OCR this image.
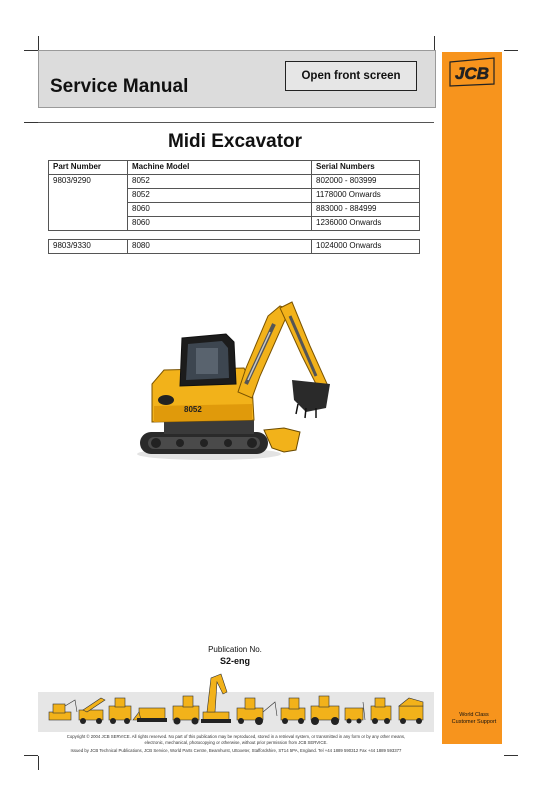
Service Manual	Open front screen	JCB
Midi Excavator
Part Number	Machine Model	Serial Numbers
9803/9290	8052	802000 - 803999
	8052	1178000 Onwards
	8060	883000 - 884999
	8060	1236000 Onwards
9803/9330	8080	1024000 Onwards
8052
Publication No.
S2-eng
Copyright © 2004 JCB SERVICE. All rights reserved. No part of this publication may be reproduced, stored in a retrieval system, or transmitted in any form or by any other means,
electronic, mechanical, photocopying or otherwise, without prior permission from JCB SERVICE.
Issued by JCB Technical Publications, JCB Service, World Parts Centre, Beamhurst, Uttoxeter, Staffordshire, ST14 5PA, England. Tel +44 1889 590312 Fax +44 1889 593377
World Class
Customer Support
